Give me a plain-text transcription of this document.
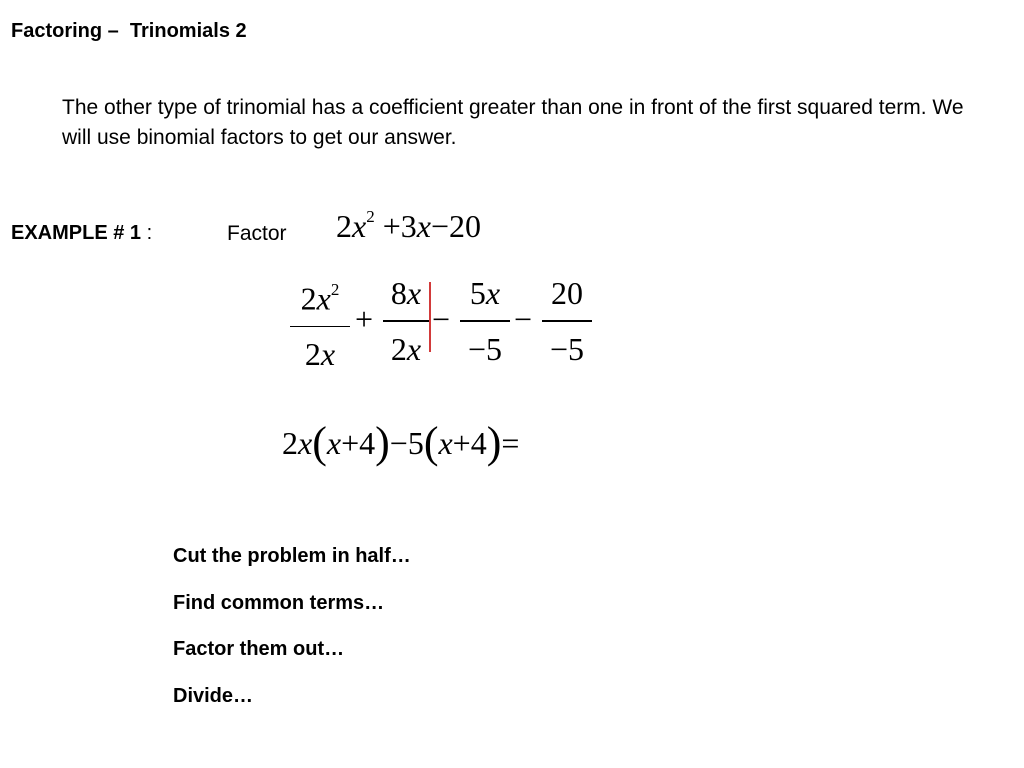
Factoring –  Trinomials 2
The other type of trinomial has a coefficient greater than one in front of the first squared term. We will use binomial factors to get our answer.
EXAMPLE # 1 :	Factor $2x^2 +3x-20$
$2x^2$
2x
+
8x
2x
−
5x
−5
−
20
−5
2x(x+4)−5(x+4)=
Cut the problem in half…
Find common terms…
Factor them out…
Divide…
